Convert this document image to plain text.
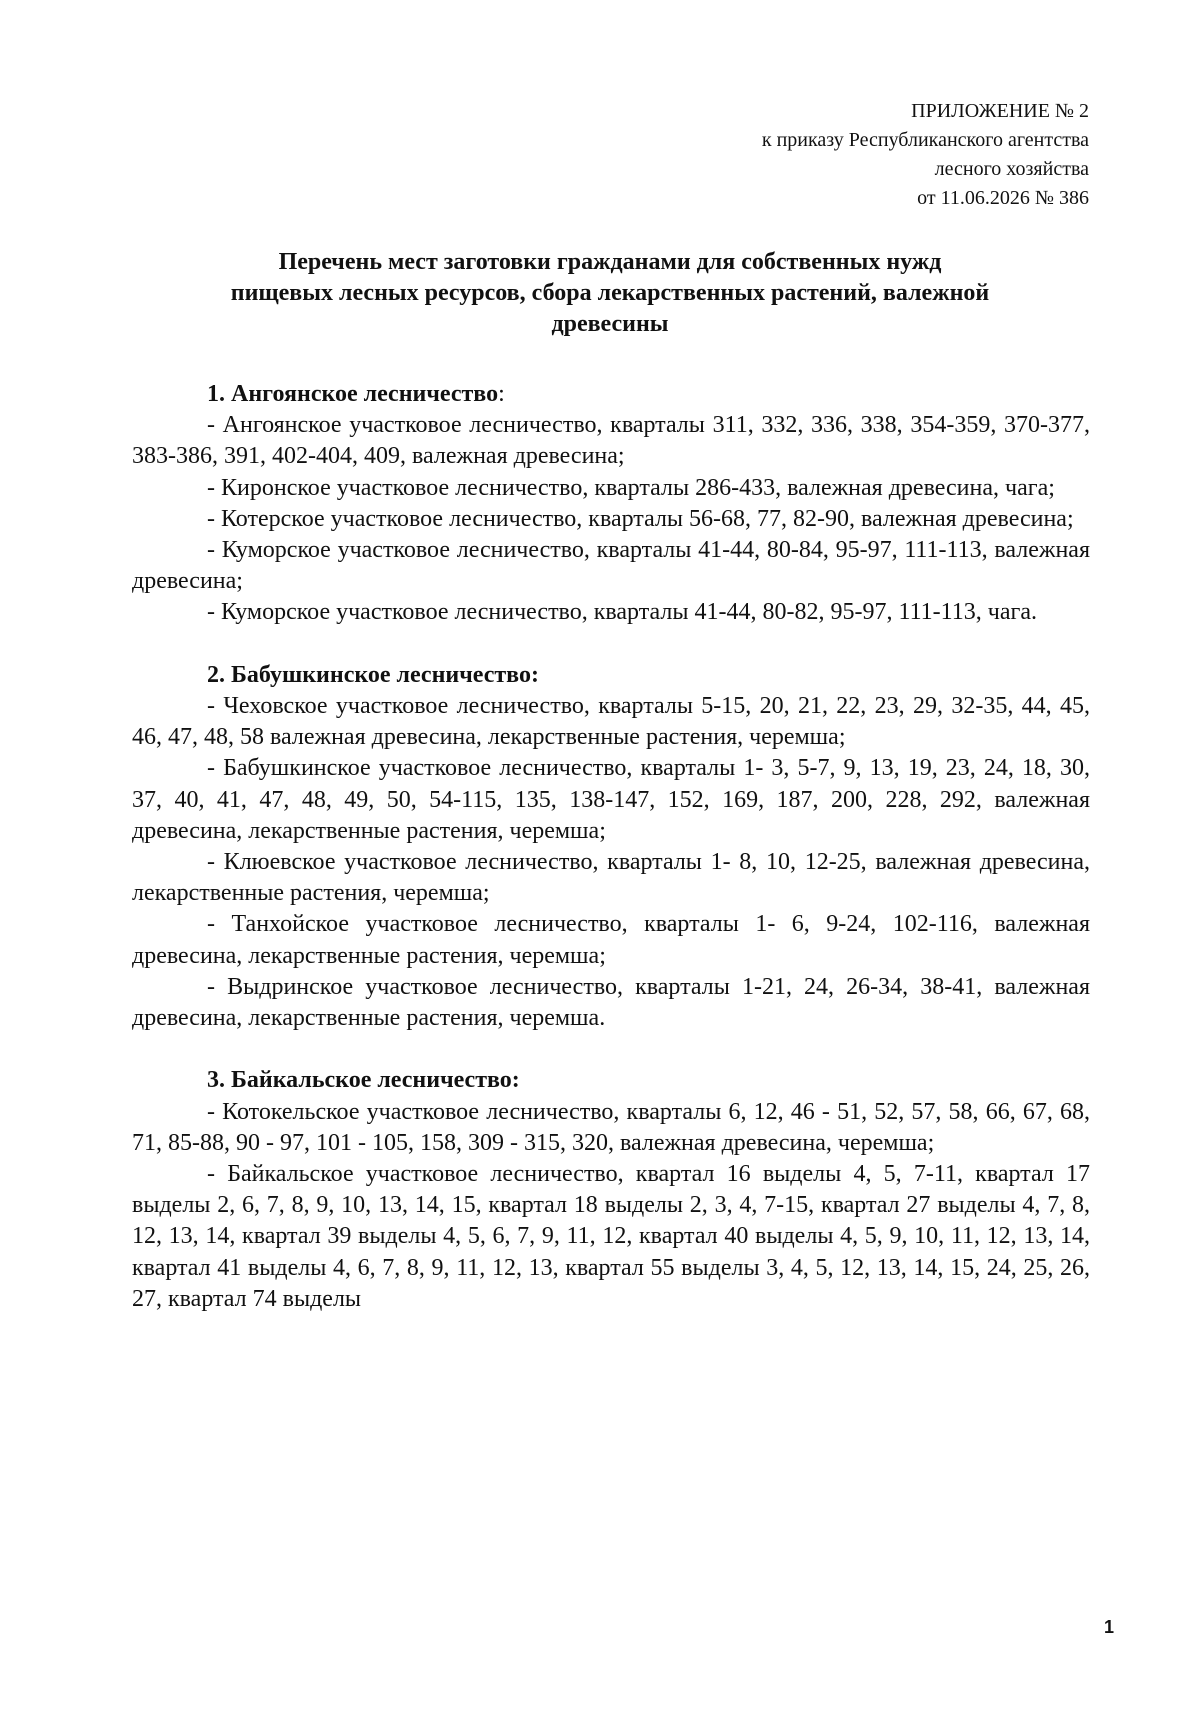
ПРИЛОЖЕНИЕ № 2
к приказу Республиканского агентства
лесного хозяйства
от 11.06.2026 № 386
Перечень мест заготовки гражданами для собственных нужд
пищевых лесных ресурсов, сбора лекарственных растений, валежной
древесины

1. Ангоянское лесничество:

- Ангоянское участковое лесничество, кварталы 311, 332, 336, 338, 354-359, 370-377, 383-386, 391, 402-404, 409, валежная древесина;

- Киронское участковое лесничество, кварталы 286-433, валежная древесина, чага;

- Котерское участковое лесничество, кварталы 56-68, 77, 82-90, валежная древесина;

- Куморское участковое лесничество, кварталы 41-44, 80-84, 95-97, 111-113, валежная древесина;

- Куморское участковое лесничество, кварталы 41-44, 80-82, 95-97, 111-113, чага.

2. Бабушкинское лесничество:

- Чеховское участковое лесничество, кварталы 5-15, 20, 21, 22, 23, 29, 32-35, 44, 45, 46, 47, 48, 58 валежная древесина, лекарственные растения, черемша;

- Бабушкинское участковое лесничество, кварталы 1- 3, 5-7, 9, 13, 19, 23, 24, 18, 30, 37, 40, 41, 47, 48, 49, 50, 54-115, 135, 138-147, 152, 169, 187, 200, 228, 292, валежная древесина, лекарственные растения, черемша;

- Клюевское участковое лесничество, кварталы 1- 8, 10, 12-25, валежная древесина, лекарственные растения, черемша;

- Танхойское участковое лесничество, кварталы 1- 6, 9-24, 102-116, валежная древесина, лекарственные растения, черемша;

- Выдринское участковое лесничество, кварталы 1-21, 24, 26-34, 38-41, валежная древесина, лекарственные растения, черемша.

3. Байкальское лесничество:

- Котокельское участковое лесничество, кварталы 6, 12, 46 - 51, 52, 57, 58, 66, 67, 68, 71, 85-88, 90 - 97, 101 - 105, 158, 309 - 315, 320, валежная древесина, черемша;

- Байкальское участковое лесничество, квартал 16 выделы 4, 5, 7-11, квартал 17 выделы 2, 6, 7, 8, 9, 10, 13, 14, 15, квартал 18 выделы 2, 3, 4, 7-15, квартал 27 выделы 4, 7, 8, 12, 13, 14, квартал 39 выделы 4, 5, 6, 7, 9, 11, 12, квартал 40 выделы 4, 5, 9, 10, 11, 12, 13, 14, квартал 41 выделы 4, 6, 7, 8, 9, 11, 12, 13, квартал 55 выделы 3, 4, 5, 12, 13, 14, 15, 24, 25, 26, 27, квартал 74 выделы

1
